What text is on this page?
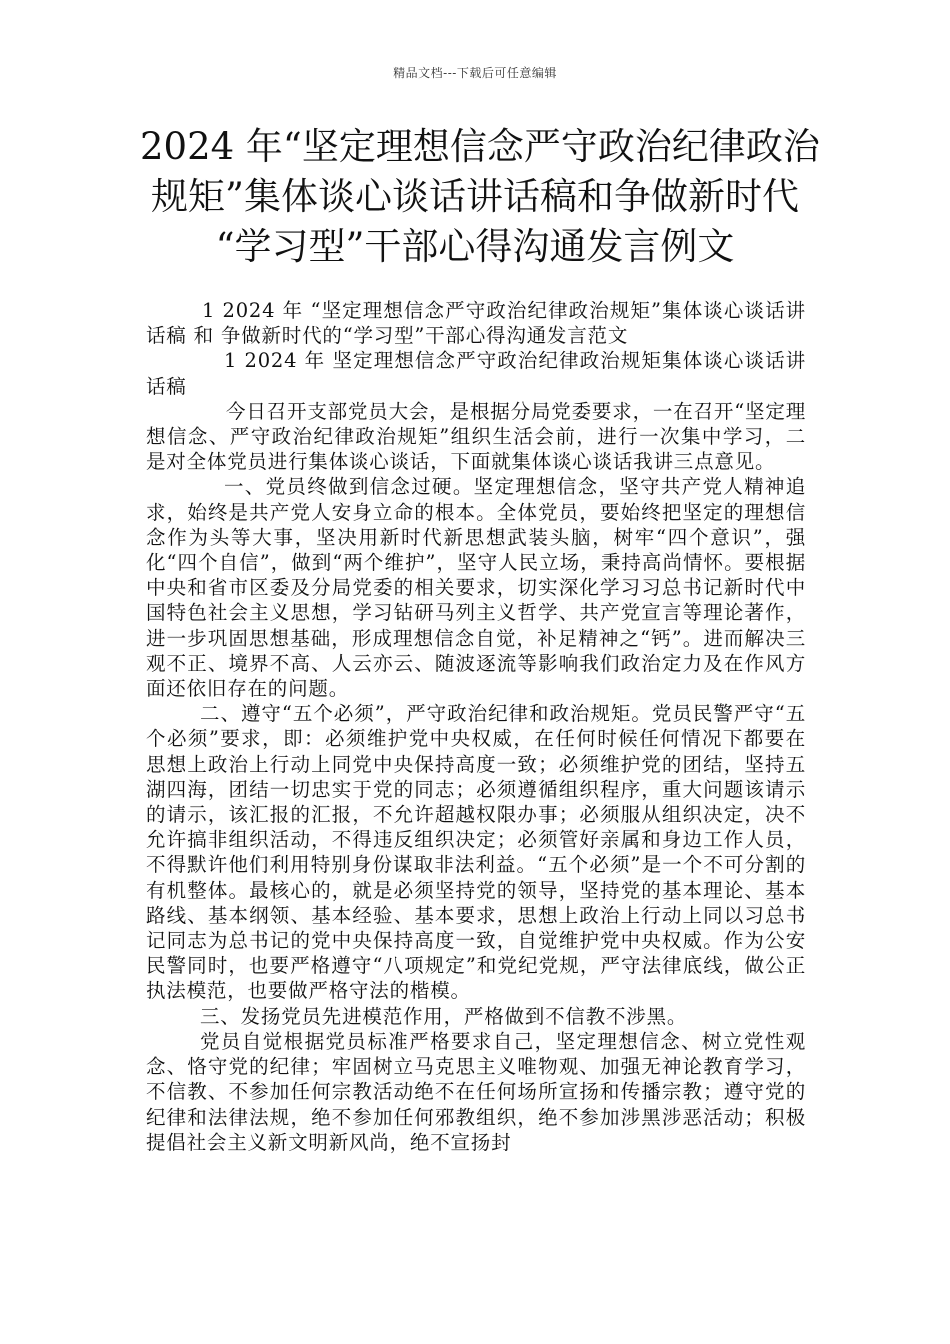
精品文档---下载后可任意编辑
2024 年“坚定理想信念严守政治纪律政治
规矩”集体谈心谈话讲话稿和争做新时代
“学习型”干部心得沟通发言例文

1 2024 年 “坚定理想信念严守政治纪律政治规矩”集体谈心谈话讲话稿 和 争做新时代的“学习型”干部心得沟通发言范文

1 2024 年 坚定理想信念严守政治纪律政治规矩集体谈心谈话讲话稿

今日召开支部党员大会，是根据分局党委要求，一在召开“坚定理想信念、严守政治纪律政治规矩”组织生活会前，进行一次集中学习，二是对全体党员进行集体谈心谈话，下面就集体谈心谈话我讲三点意见。

一、党员终做到信念过硬。坚定理想信念，坚守共产党人精神追求，始终是共产党人安身立命的根本。全体党员，要始终把坚定的理想信念作为头等大事，坚决用新时代新思想武装头脑，树牢“四个意识”，强化“四个自信”，做到“两个维护”，坚守人民立场，秉持高尚情怀。要根据中央和省市区委及分局党委的相关要求，切实深化学习习总书记新时代中国特色社会主义思想，学习钻研马列主义哲学、共产党宣言等理论著作，进一步巩固思想基础，形成理想信念自觉，补足精神之“钙”。进而解决三观不正、境界不高、人云亦云、随波逐流等影响我们政治定力及在作风方面还依旧存在的问题。

二、遵守“五个必须”，严守政治纪律和政治规矩。党员民警严守“五个必须”要求，即：必须维护党中央权威，在任何时候任何情况下都要在思想上政治上行动上同党中央保持高度一致；必须维护党的团结，坚持五湖四海，团结一切忠实于党的同志；必须遵循组织程序，重大问题该请示的请示，该汇报的汇报，不允许超越权限办事；必须服从组织决定，决不允许搞非组织活动，不得违反组织决定；必须管好亲属和身边工作人员，不得默许他们利用特别身份谋取非法利益。“五个必须”是一个不可分割的有机整体。最核心的，就是必须坚持党的领导，坚持党的基本理论、基本路线、基本纲领、基本经验、基本要求，思想上政治上行动上同以习总书记同志为总书记的党中央保持高度一致，自觉维护党中央权威。作为公安民警同时，也要严格遵守“八项规定”和党纪党规，严守法律底线，做公正执法模范，也要做严格守法的楷模。

三、发扬党员先进模范作用，严格做到不信教不涉黑。

党员自觉根据党员标准严格要求自己，坚定理想信念、树立党性观念、恪守党的纪律；牢固树立马克思主义唯物观、加强无神论教育学习，不信教、不参加任何宗教活动绝不在任何场所宣扬和传播宗教；遵守党的纪律和法律法规，绝不参加任何邪教组织，绝不参加涉黑涉恶活动；积极提倡社会主义新文明新风尚，绝不宣扬封
